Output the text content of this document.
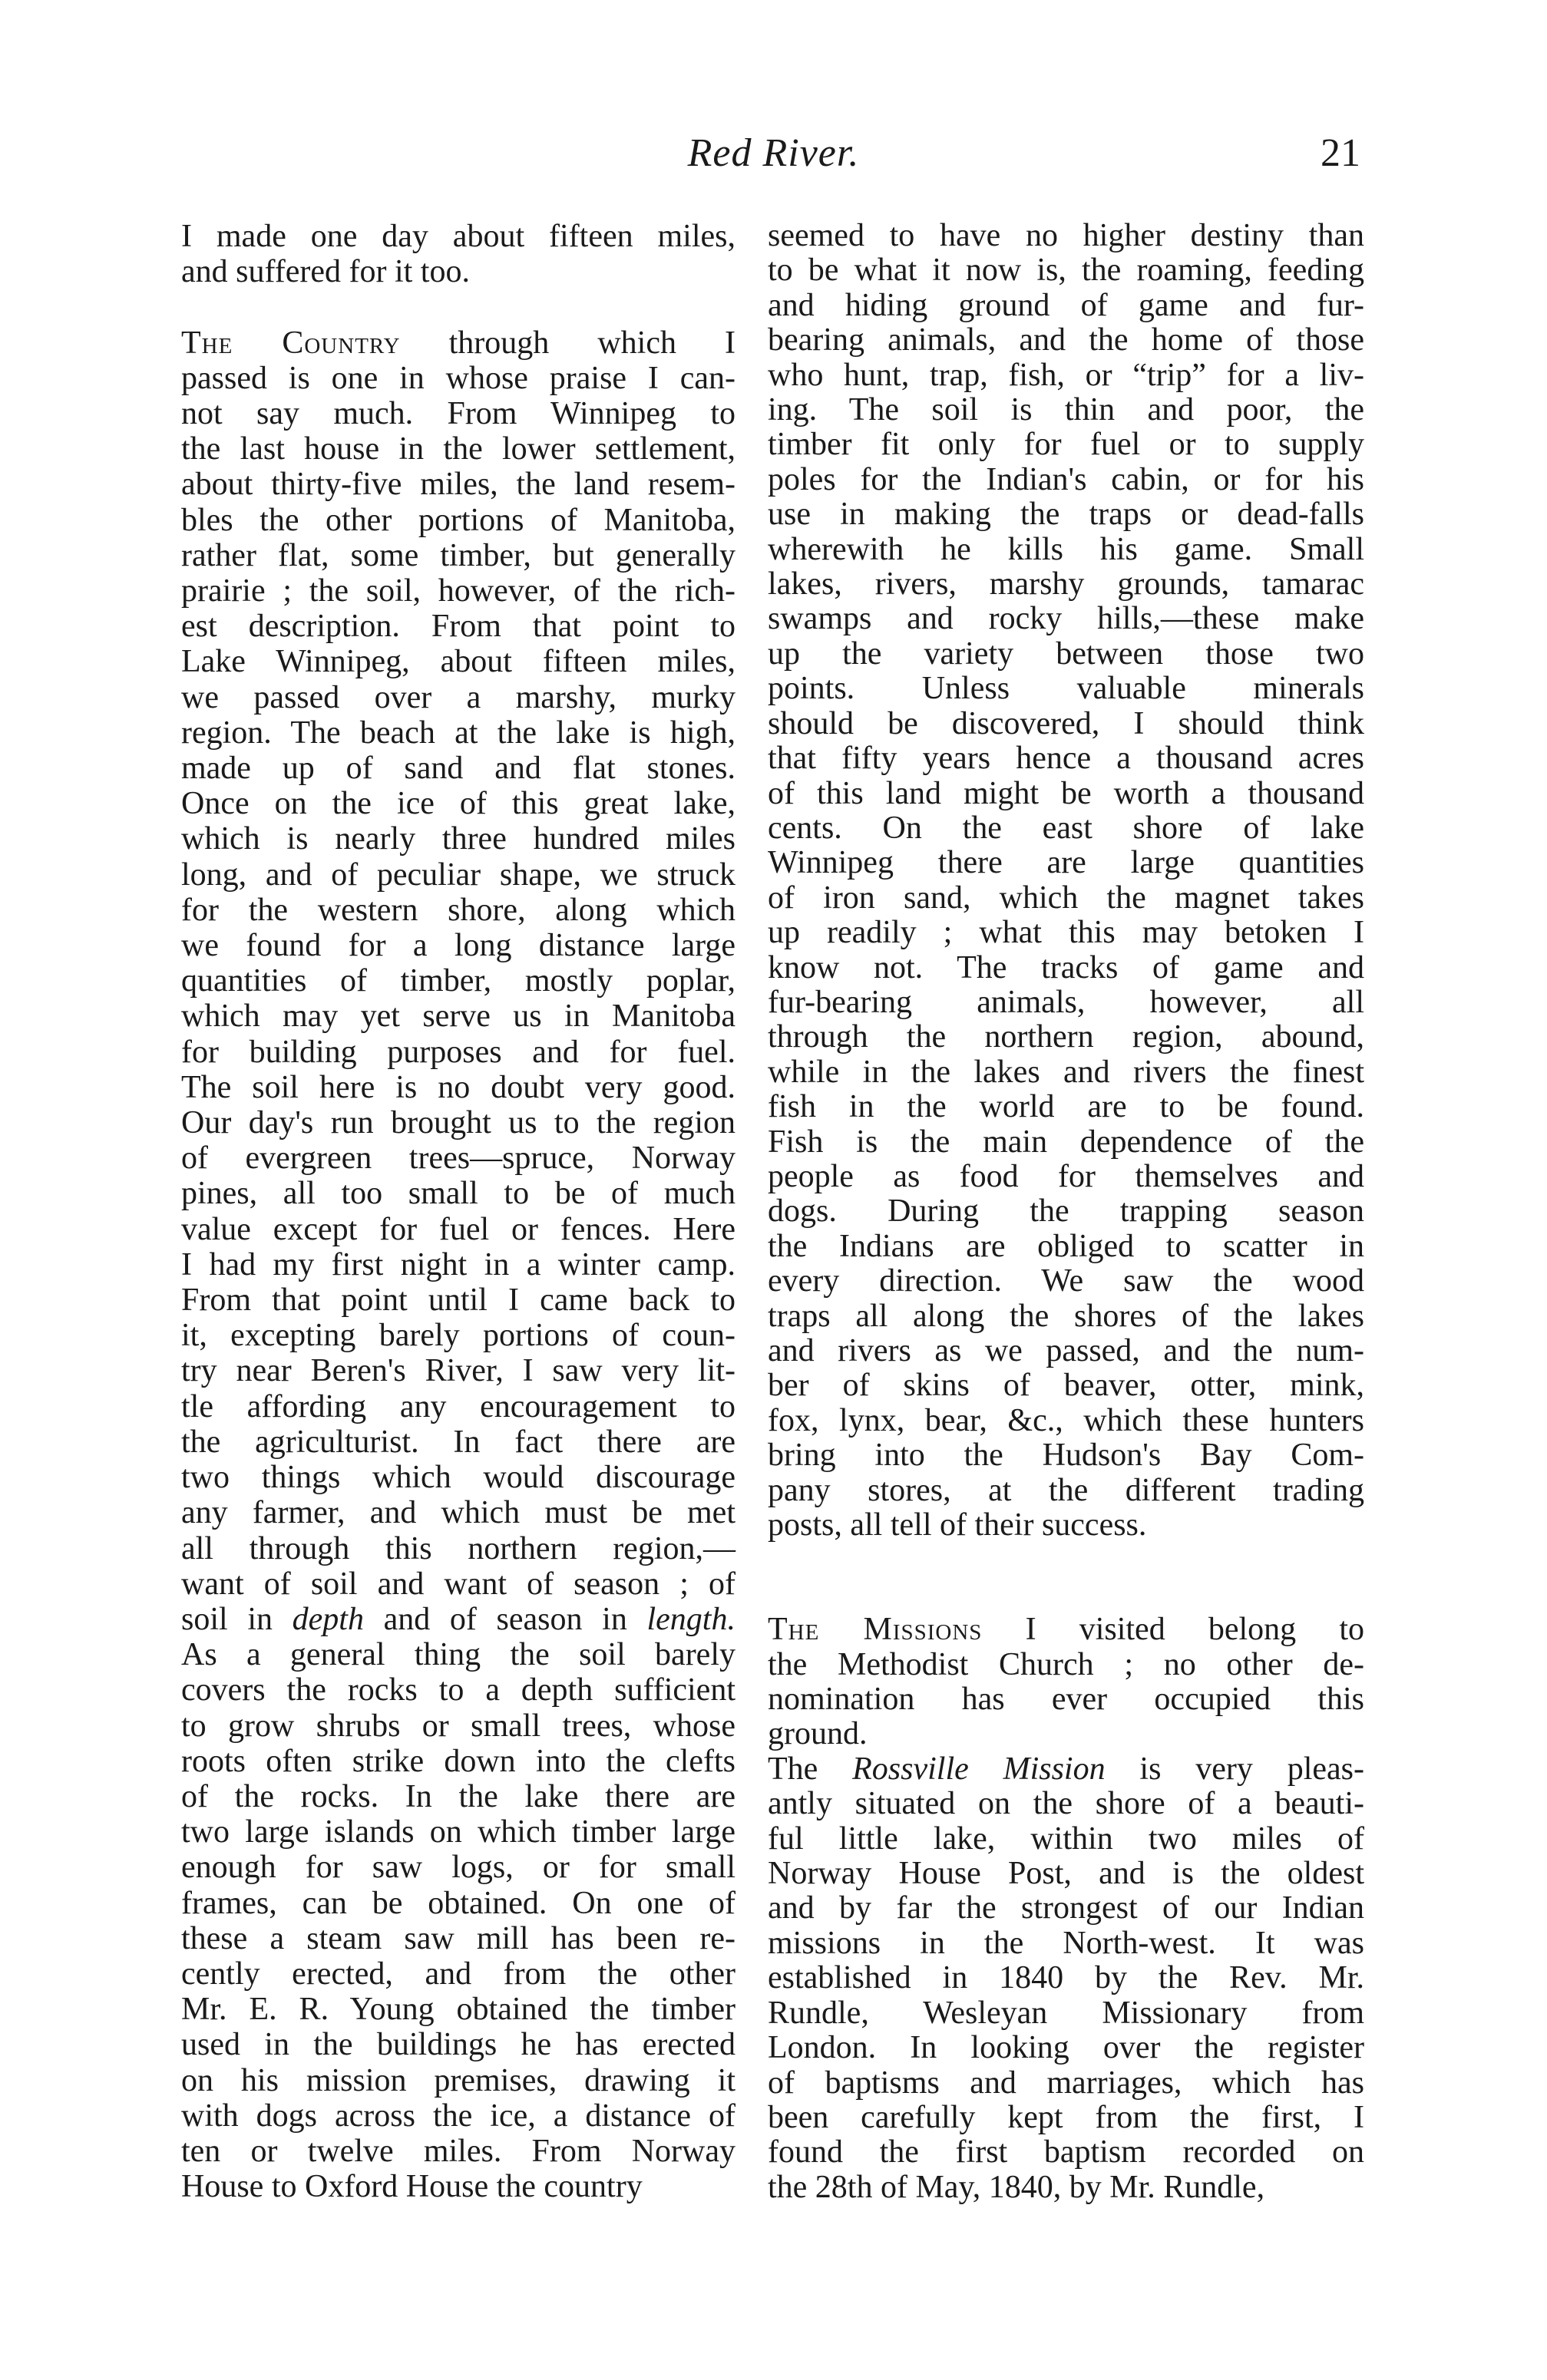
Red River.	21
I made one day about fifteen miles,
and suffered for it too.
The Country through which I
passed is one in whose praise I can-
not say much. From Winnipeg to
the last house in the lower settlement,
about thirty-five miles, the land resem-
bles the other portions of Manitoba,
rather flat, some timber, but generally
prairie ; the soil, however, of the rich-
est description. From that point to
Lake Winnipeg, about fifteen miles,
we passed over a marshy, murky
region. The beach at the lake is high,
made up of sand and flat stones.
Once on the ice of this great lake,
which is nearly three hundred miles
long, and of peculiar shape, we struck
for the western shore, along which
we found for a long distance large
quantities of timber, mostly poplar,
which may yet serve us in Manitoba
for building purposes and for fuel.
The soil here is no doubt very good.
Our day's run brought us to the region
of evergreen trees—spruce, Norway
pines, all too small to be of much
value except for fuel or fences. Here
I had my first night in a winter camp.
From that point until I came back to
it, excepting barely portions of coun-
try near Beren's River, I saw very lit-
tle affording any encouragement to
the agriculturist. In fact there are
two things which would discourage
any farmer, and which must be met
all through this northern region,—
want of soil and want of season ; of
soil in depth and of season in length.
As a general thing the soil barely
covers the rocks to a depth sufficient
to grow shrubs or small trees, whose
roots often strike down into the clefts
of the rocks. In the lake there are
two large islands on which timber large
enough for saw logs, or for small
frames, can be obtained. On one of
these a steam saw mill has been re-
cently erected, and from the other
Mr. E. R. Young obtained the timber
used in the buildings he has erected
on his mission premises, drawing it
with dogs across the ice, a distance of
ten or twelve miles. From Norway
House to Oxford House the country
seemed to have no higher destiny than
to be what it now is, the roaming, feeding
and hiding ground of game and fur-
bearing animals, and the home of those
who hunt, trap, fish, or “trip” for a liv-
ing. The soil is thin and poor, the
timber fit only for fuel or to supply
poles for the Indian's cabin, or for his
use in making the traps or dead-falls
wherewith he kills his game. Small
lakes, rivers, marshy grounds, tamarac
swamps and rocky hills,—these make
up the variety between those two
points. Unless valuable minerals
should be discovered, I should think
that fifty years hence a thousand acres
of this land might be worth a thousand
cents. On the east shore of lake
Winnipeg there are large quantities
of iron sand, which the magnet takes
up readily ; what this may betoken I
know not. The tracks of game and
fur-bearing animals, however, all
through the northern region, abound,
while in the lakes and rivers the finest
fish in the world are to be found.
Fish is the main dependence of the
people as food for themselves and
dogs. During the trapping season
the Indians are obliged to scatter in
every direction. We saw the wood
traps all along the shores of the lakes
and rivers as we passed, and the num-
ber of skins of beaver, otter, mink,
fox, lynx, bear, &c., which these hunters
bring into the Hudson's Bay Com-
pany stores, at the different trading
posts, all tell of their success.
The Missions I visited belong to
the Methodist Church ; no other de-
nomination has ever occupied this
ground.
The Rossville Mission is very pleas-
antly situated on the shore of a beauti-
ful little lake, within two miles of
Norway House Post, and is the oldest
and by far the strongest of our Indian
missions in the North-west. It was
established in 1840 by the Rev. Mr.
Rundle, Wesleyan Missionary from
London. In looking over the register
of baptisms and marriages, which has
been carefully kept from the first, I
found the first baptism recorded on
the 28th of May, 1840, by Mr. Rundle,
